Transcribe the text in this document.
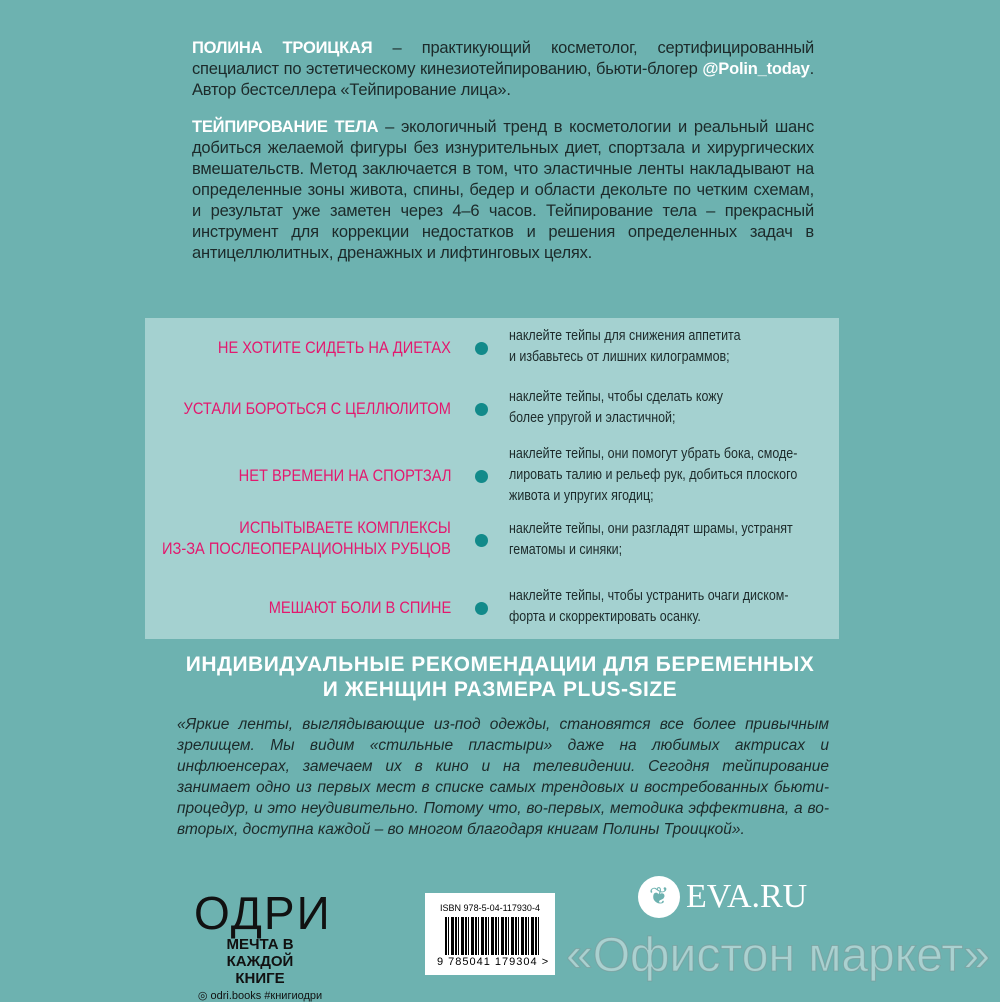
ПОЛИНА ТРОИЦКАЯ – практикующий косметолог, сертифицированный специалист по эстетическому кинезиотейпированию, бьюти-блогер @Polin_today. Автор бестселлера «Тейпирование лица».

ТЕЙПИРОВАНИЕ ТЕЛА – экологичный тренд в косметологии и реальный шанс добиться желаемой фигуры без изнурительных диет, спортзала и хирургических вмешательств. Метод заключается в том, что эластичные ленты накладывают на определенные зоны живота, спины, бедер и области декольте по четким схемам, и результат уже заметен через 4–6 часов. Тейпирование тела – прекрасный инструмент для коррекции недостатков и решения определенных задач в антицеллюлитных, дренажных и лифтинговых целях.

НЕ ХОТИТЕ СИДЕТЬ НА ДИЕТАХ
наклейте тейпы для снижения аппетита
и избавьтесь от лишних килограммов;
УСТАЛИ БОРОТЬСЯ С ЦЕЛЛЮЛИТОМ
наклейте тейпы, чтобы сделать кожу
более упругой и эластичной;
НЕТ ВРЕМЕНИ НА СПОРТЗАЛ
наклейте тейпы, они помогут убрать бока, смоде-
лировать талию и рельеф рук, добиться плоского
живота и упругих ягодиц;
ИСПЫТЫВАЕТЕ КОМПЛЕКСЫ
ИЗ-ЗА ПОСЛЕОПЕРАЦИОННЫХ РУБЦОВ
наклейте тейпы, они разгладят шрамы, устранят
гематомы и синяки;
МЕШАЮТ БОЛИ В СПИНЕ
наклейте тейпы, чтобы устранить очаги диском-
форта и скорректировать осанку.
ИНДИВИДУАЛЬНЫЕ РЕКОМЕНДАЦИИ ДЛЯ БЕРЕМЕННЫХ
И ЖЕНЩИН РАЗМЕРА PLUS-SIZE
«Яркие ленты, выглядывающие из-под одежды, становятся все более привычным зрелищем. Мы видим «стильные пластыри» даже на любимых актрисах и инфлюенсерах, замечаем их в кино и на телевидении. Сегодня тейпирование занимает одно из первых мест в списке самых трендовых и востребованных бьюти-процедур, и это неудивительно. Потому что, во-первых, методика эффективна, а во-вторых, доступна каждой – во многом благодаря книгам Полины Троицкой».
ОДРИ
МЕЧТА В КАЖДОЙ
КНИГЕ
◎ odri.books #книгиодри
ISBN 978-5-04-117930-4
9 785041 179304 >
❦ EVA.RU
«Офистон маркет»
